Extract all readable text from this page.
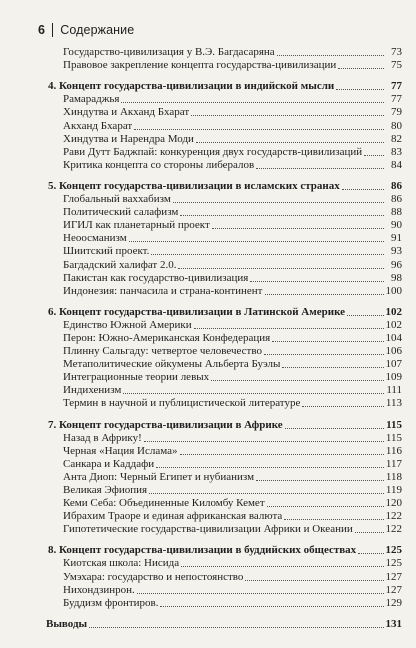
6 Содержание
Государство-цивилизация у В.Э. Багдасаряна	73
Правовое закрепление концепта государства-цивилизации	75
4. Концепт государства-цивилизации в индийской мысли	77
Рамараджья	77
Хиндутва и Акханд Бхарат	79
Акханд Бхарат	80
Хиндутва и Нарендра Моди	82
Рави Дутт Баджпай: конкуренция двух государств-цивилизаций	83
Критика концепта со стороны либералов	84
5. Концепт государства-цивилизации в исламских странах	86
Глобальный ваххабизм	86
Политический салафизм	88
ИГИЛ как планетарный проект	90
Неоосманизм	91
Шиитский проект.	93
Багдадский халифат 2.0.	96
Пакистан как государство-цивилизация	98
Индонезия: панчасила и страна-континент	100
6. Концепт государства-цивилизации в Латинской Америке	102
Единство Южной Америки	102
Перон: Южно-Американская Конфедерация	104
Плинну Сальгаду: четвертое человечество	106
Метаполитические ойкумены Альберта Буэлы	107
Интеграционные теории левых	109
Индихенизм	111
Термин в научной и публицистической литературе	113
7. Концепт государства-цивилизации в Африке	115
Назад в Африку!	115
Черная «Нация Ислама»	116
Санкара и Каддафи	117
Анта Диоп: Черный Египет и нубианизм	118
Великая Эфиопия	119
Кеми Себа: Объединенные Киломбу Кемет	120
Ибрахим Траоре и единая африканская валюта	122
Гипотетические государства-цивилизации Африки и Океании	122
8. Концепт государства-цивилизации в буддийских обществах	125
Киотская школа: Нисида	125
Умэхара: государство и непостоянство	127
Нихондзинрон.	127
Буддизм фронтиров.	129
Выводы	131
